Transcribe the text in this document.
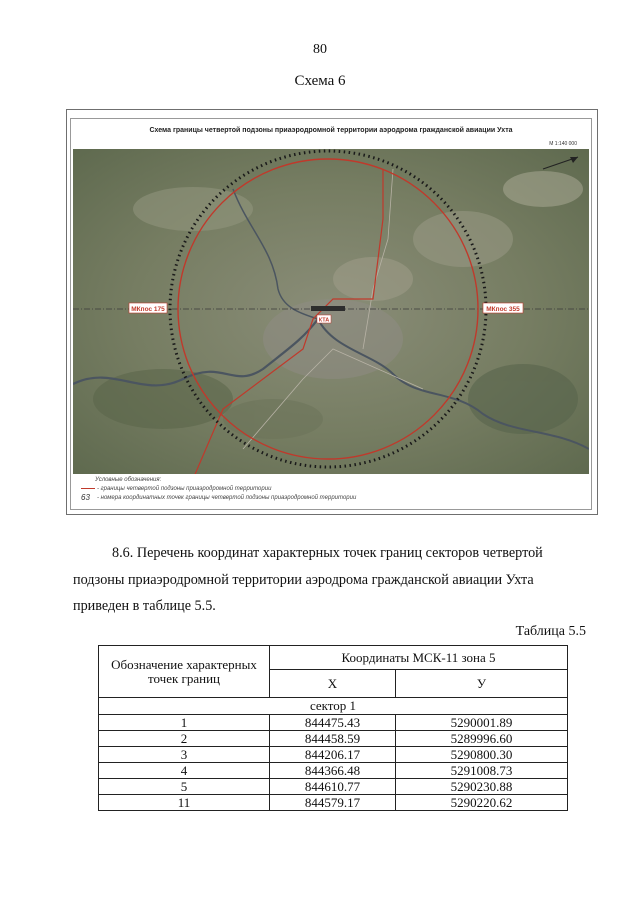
80
Схема 6
Схема границы четвертой подзоны приаэродромной территории аэродрома гражданской авиации Ухта
М 1:140 000
МКпос 175	МКпос 355
КТА
Условные обозначения:
- границы четвертой подзоны приаэродромной территории
63	- номера координатных точек границы четвертой подзоны приаэродромной территории
8.6. Перечень координат характерных точек границ секторов четвертой
подзоны приаэродромной территории аэродрома гражданской авиации Ухта
приведен в таблице 5.5.
Таблица 5.5
Обозначение характерных точек границ	Координаты МСК-11 зона 5	
	Х	У
сектор 1		
1	844475.43	5290001.89
2	844458.59	5289996.60
3	844206.17	5290800.30
4	844366.48	5291008.73
5	844610.77	5290230.88
11	844579.17	5290220.62
